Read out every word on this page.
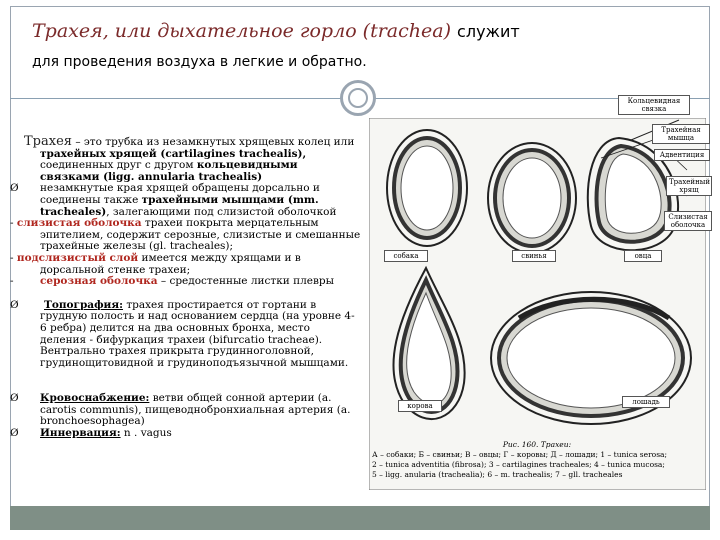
Трахея, или дыхательное горло (trachea) служит
для проведения воздуха в легкие и обратно.

Трахея – это трубка из незамкнутых хрящевых колец или

трахейных хрящей (cartilagines trachealis),

соединенных друг с другом кольцевидными

связками (ligg. annularia trachealis)

Ø незамкнутые края хрящей обращены дорсально и

соединены также трахейными мышцами (mm.

tracheales), залегающими под слизистой оболочкой

- слизистая оболочка трахеи покрыта мерцательным

эпителием, содержит серозные, слизистые и смешанные

трахейные железы (gl. tracheales);

- подслизистый слой имеется между хрящами и в

дорсальной стенке трахеи;

-	серозная оболочка – средостенные листки плевры

Ø Топография: трахея простирается от гортани в

грудную полость и над основанием сердца (на уровне 4-

6 ребра) делится на два основных бронха, место

деления - бифуркация трахеи (bifurcatio tracheae).

Вентрально трахея прикрыта грудинноголовной,

грудинощитовидной и грудиноподъязычной мышцами.

Ø Кровоснабжение: ветви общей сонной артерии (a.

carotis communis), пищеводнобронхиальная артерия (a.

bronchoesophagea)

Ø Иннервация: n . vagus

Кольцевидная связка
Трахейная мышца
Адвентиция
Трахейный хрящ
Слизистая оболочка
собака	свинья	овца
корова	лошадь
Рис. 160. Трахеи:
А – собаки; Б – свиньи; В – овцы; Г – коровы; Д – лошади; 1 – tunica serosa;
2 – tunica adventitia (fibrosa); 3 – cartilagines tracheales; 4 – tunica mucosa;
5 – ligg. anularia (trachealia); 6 – m. trachealis; 7 – gll. tracheales
